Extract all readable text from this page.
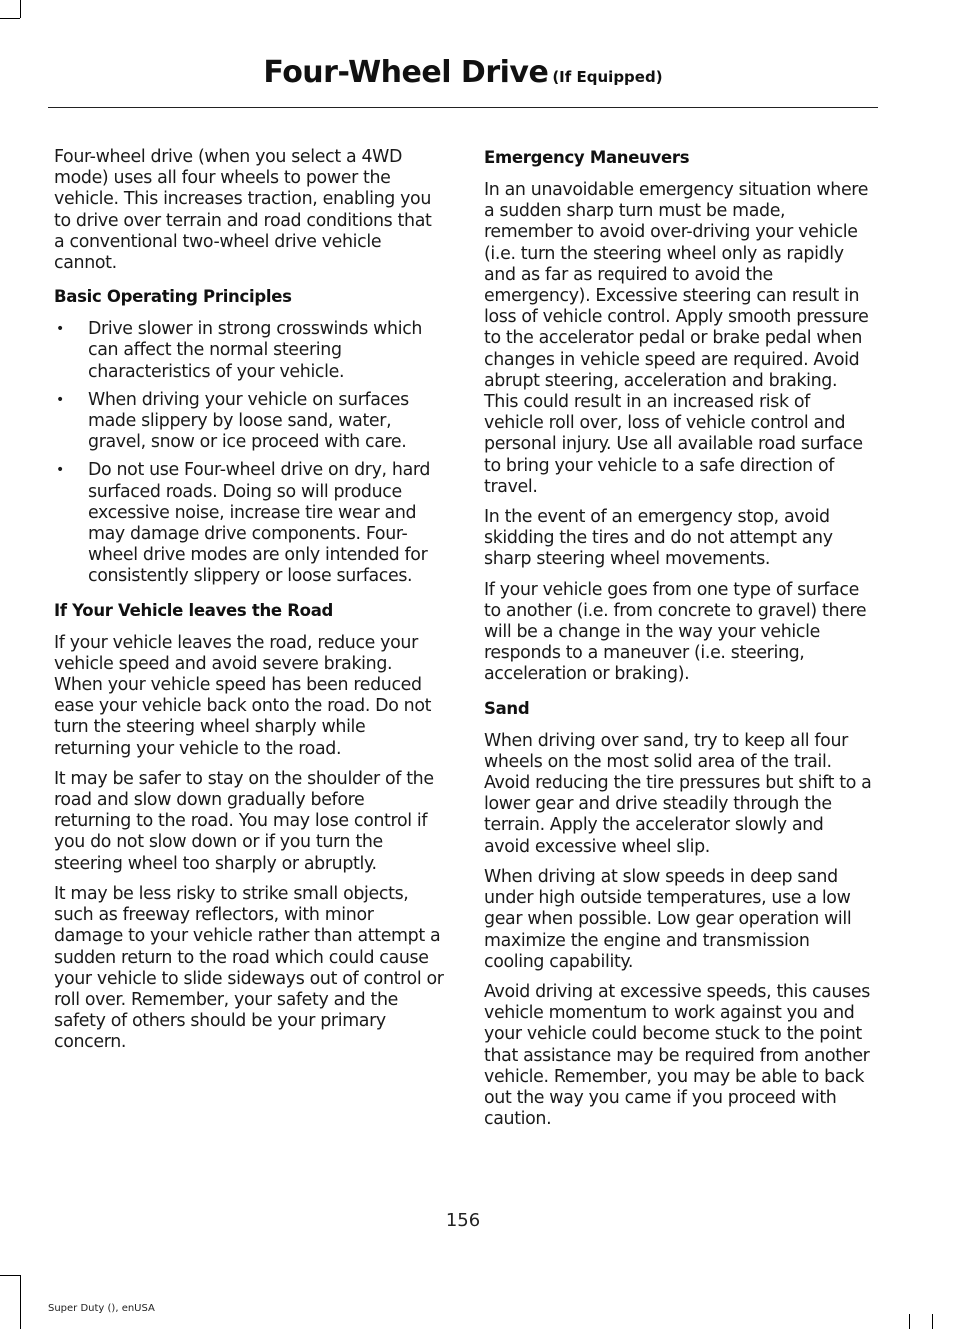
Four-Wheel Drive (If Equipped)

Four-wheel drive (when you select a 4WD mode) uses all four wheels to power the vehicle. This increases traction, enabling you to drive over terrain and road conditions that a conventional two-wheel drive vehicle cannot.

Basic Operating Principles
• Drive slower in strong crosswinds which can affect the normal steering characteristics of your vehicle.
• When driving your vehicle on surfaces made slippery by loose sand, water, gravel, snow or ice proceed with care.
• Do not use Four-wheel drive on dry, hard surfaced roads. Doing so will produce excessive noise, increase tire wear and may damage drive components. Four-wheel drive modes are only intended for consistently slippery or loose surfaces.
If Your Vehicle leaves the Road

If your vehicle leaves the road, reduce your vehicle speed and avoid severe braking. When your vehicle speed has been reduced ease your vehicle back onto the road. Do not turn the steering wheel sharply while returning your vehicle to the road.

It may be safer to stay on the shoulder of the road and slow down gradually before returning to the road. You may lose control if you do not slow down or if you turn the steering wheel too sharply or abruptly.

It may be less risky to strike small objects, such as freeway reflectors, with minor damage to your vehicle rather than attempt a sudden return to the road which could cause your vehicle to slide sideways out of control or roll over. Remember, your safety and the safety of others should be your primary concern.

Emergency Maneuvers

In an unavoidable emergency situation where a sudden sharp turn must be made, remember to avoid over-driving your vehicle (i.e. turn the steering wheel only as rapidly and as far as required to avoid the emergency). Excessive steering can result in loss of vehicle control. Apply smooth pressure to the accelerator pedal or brake pedal when changes in vehicle speed are required. Avoid abrupt steering, acceleration and braking. This could result in an increased risk of vehicle roll over, loss of vehicle control and personal injury. Use all available road surface to bring your vehicle to a safe direction of travel.

In the event of an emergency stop, avoid skidding the tires and do not attempt any sharp steering wheel movements.

If your vehicle goes from one type of surface to another (i.e. from concrete to gravel) there will be a change in the way your vehicle responds to a maneuver (i.e. steering, acceleration or braking).

Sand

When driving over sand, try to keep all four wheels on the most solid area of the trail. Avoid reducing the tire pressures but shift to a lower gear and drive steadily through the terrain. Apply the accelerator slowly and avoid excessive wheel slip.

When driving at slow speeds in deep sand under high outside temperatures, use a low gear when possible. Low gear operation will maximize the engine and transmission cooling capability.

Avoid driving at excessive speeds, this causes vehicle momentum to work against you and your vehicle could become stuck to the point that assistance may be required from another vehicle. Remember, you may be able to back out the way you came if you proceed with caution.

156
Super Duty (), enUSA
